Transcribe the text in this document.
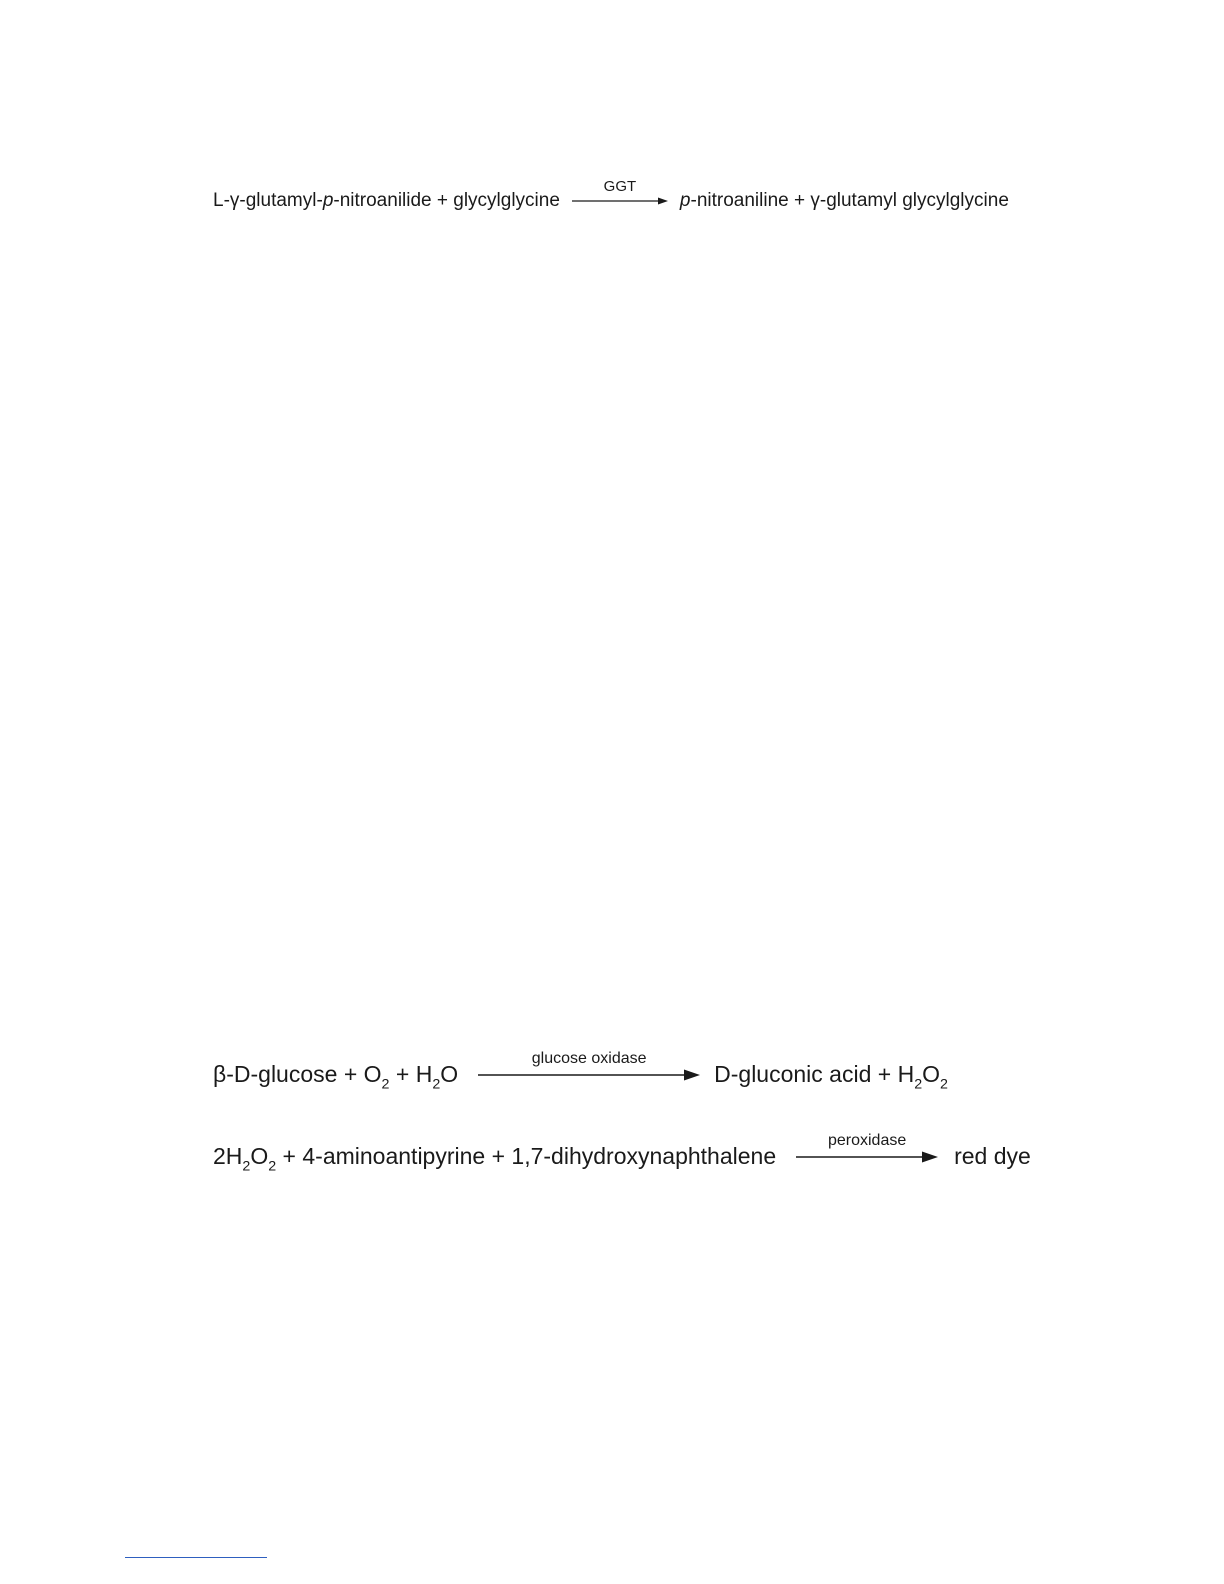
L-γ-glutamyl-p-nitroanilide + glycylglycine
GGT
p-nitroaniline + γ-glutamyl glycylglycine
$\beta-D-glucose + O_2 + H_2O$
glucose oxidase
D-gluconic acid + $H_2O_2$
$2H_2O_2$ + 4-aminoantipyrine + 1,7-dihydroxynaphthalene
peroxidase
red dye
